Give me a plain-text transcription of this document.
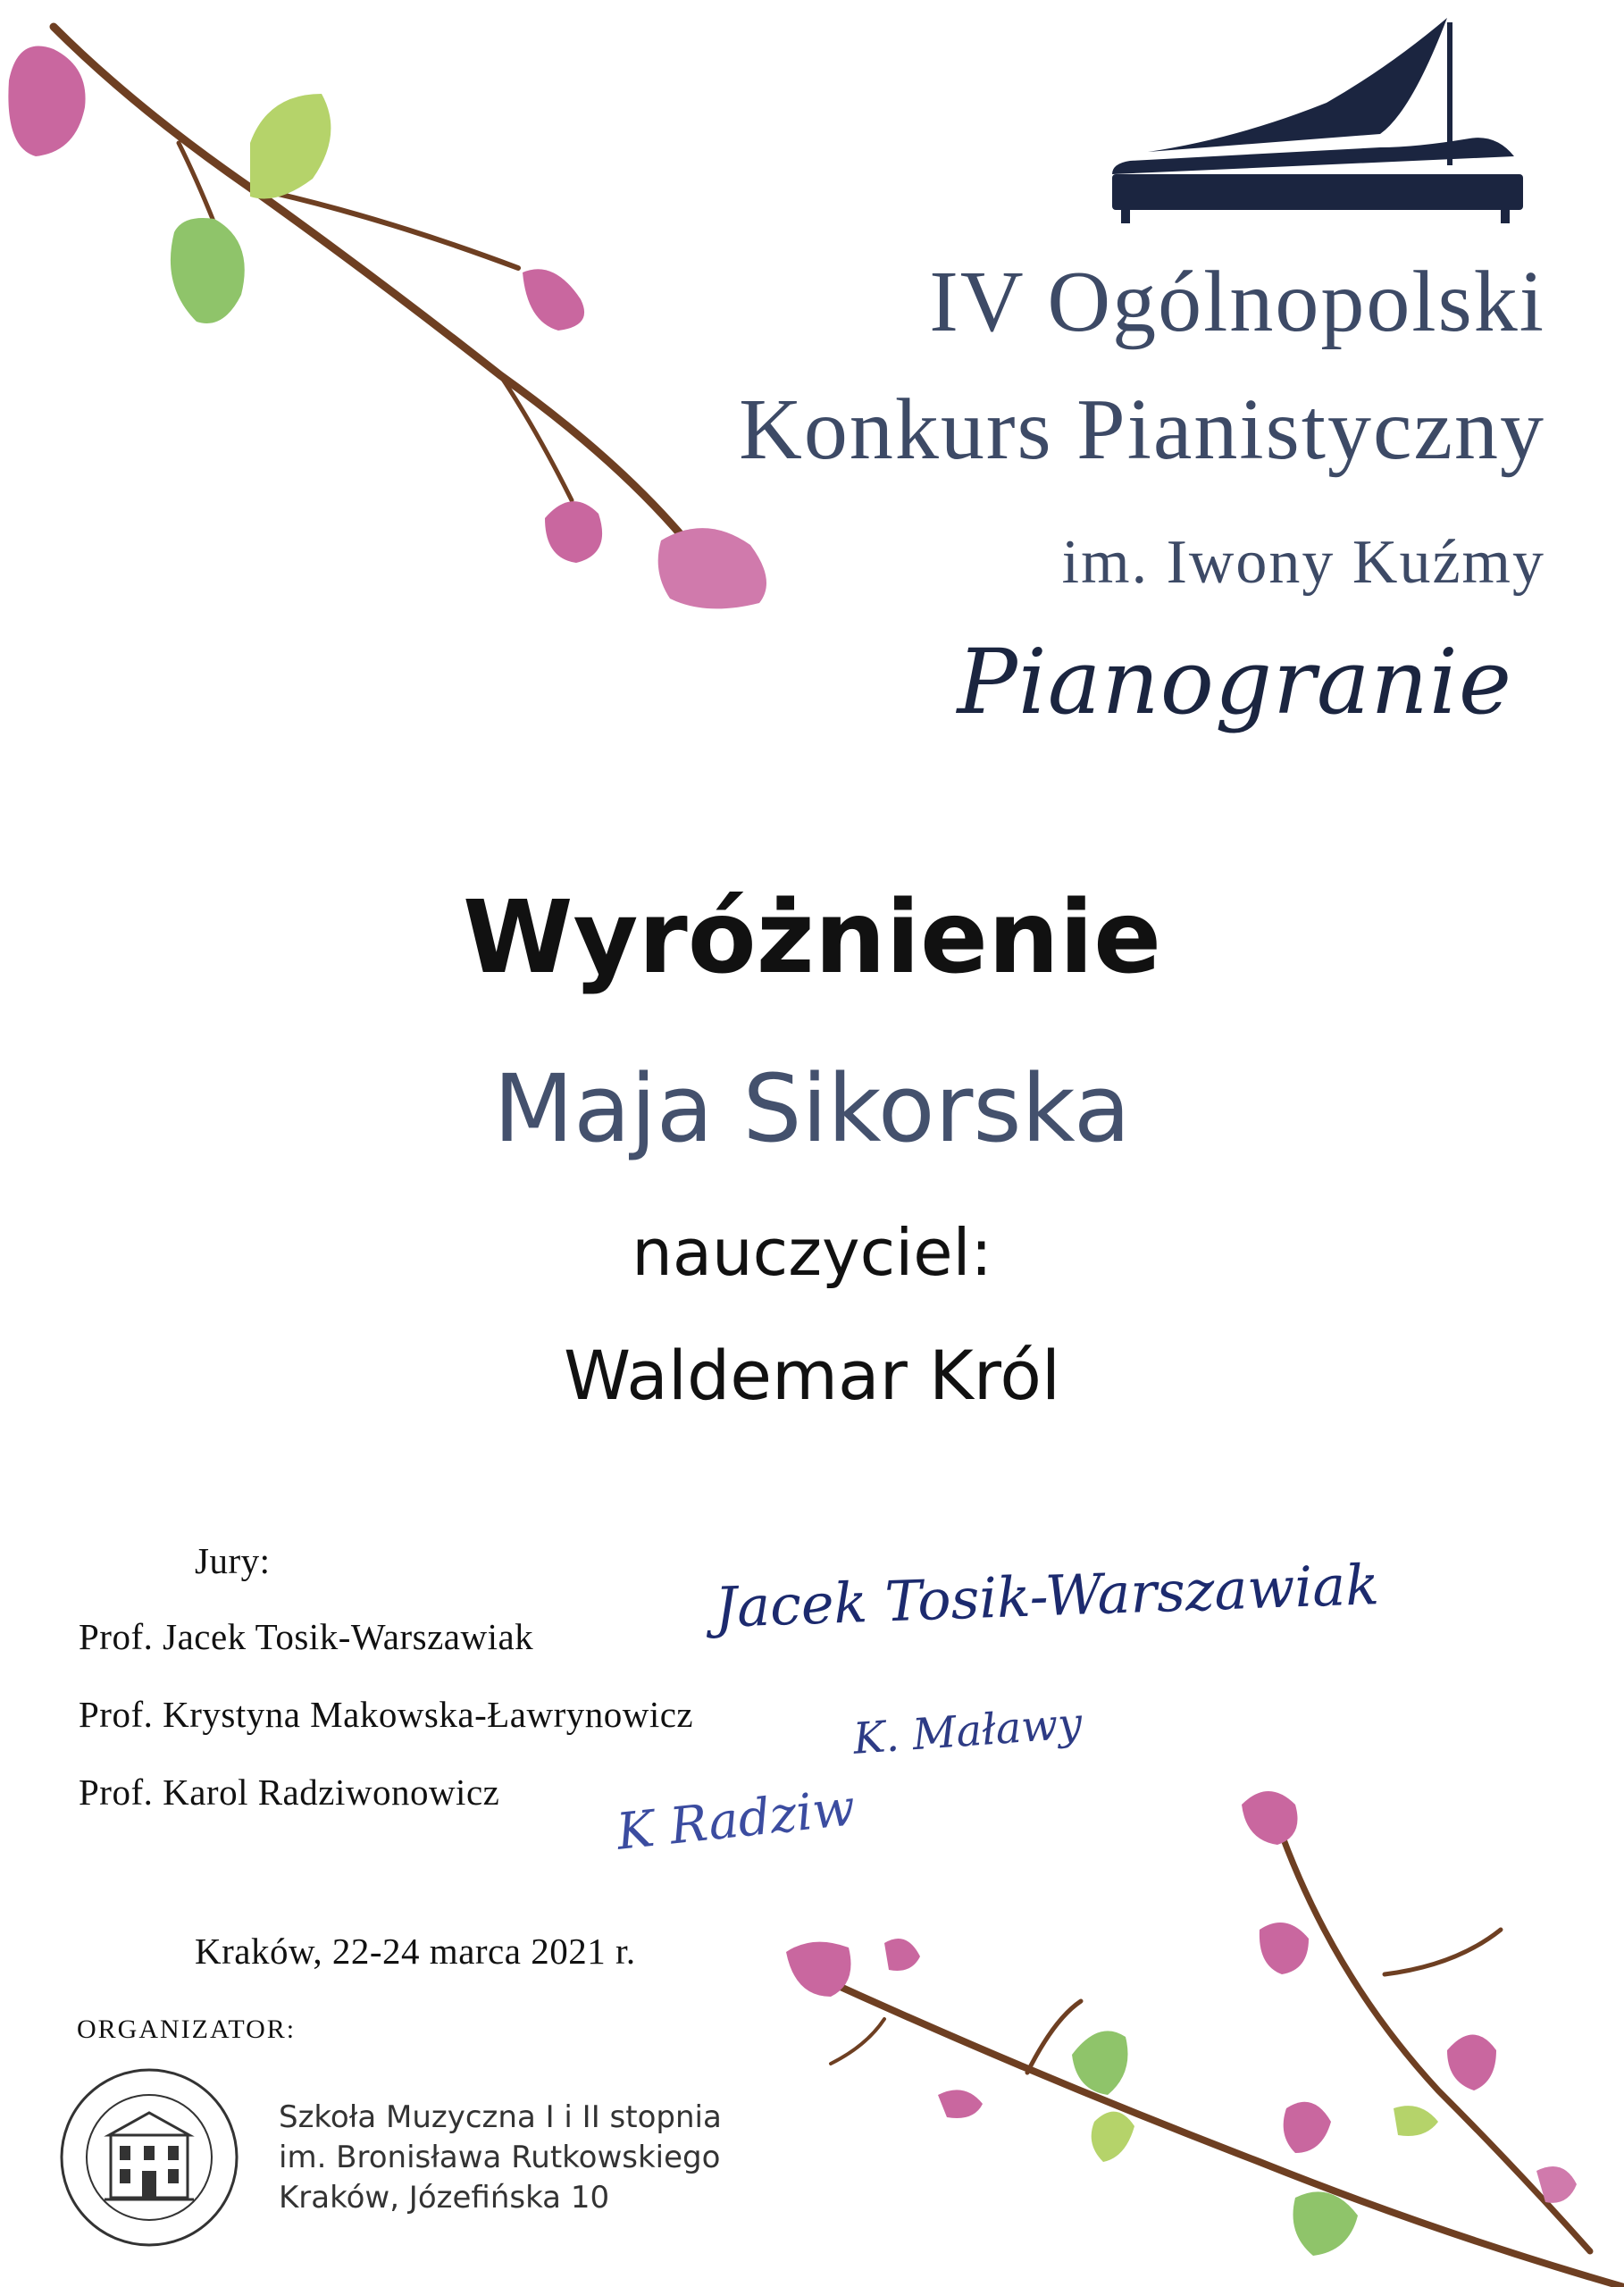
IV Ogólnopolski
Konkurs Pianistyczny
im. Iwony Kuźmy
Pianogranie
Wyróżnienie
Maja Sikorska
nauczyciel:
Waldemar Król
Jury:
Prof. Jacek Tosik-Warszawiak
Prof. Krystyna Makowska-Ławrynowicz
Prof. Karol Radziwonowicz
Jacek Tosik-Warszawiak
K. Maławy
K Radziw
Kraków, 22-24 marca 2021 r.
ORGANIZATOR:
Szkoła Muzyczna I i II stopnia
im. Bronisława Rutkowskiego
Kraków, Józefińska 10
